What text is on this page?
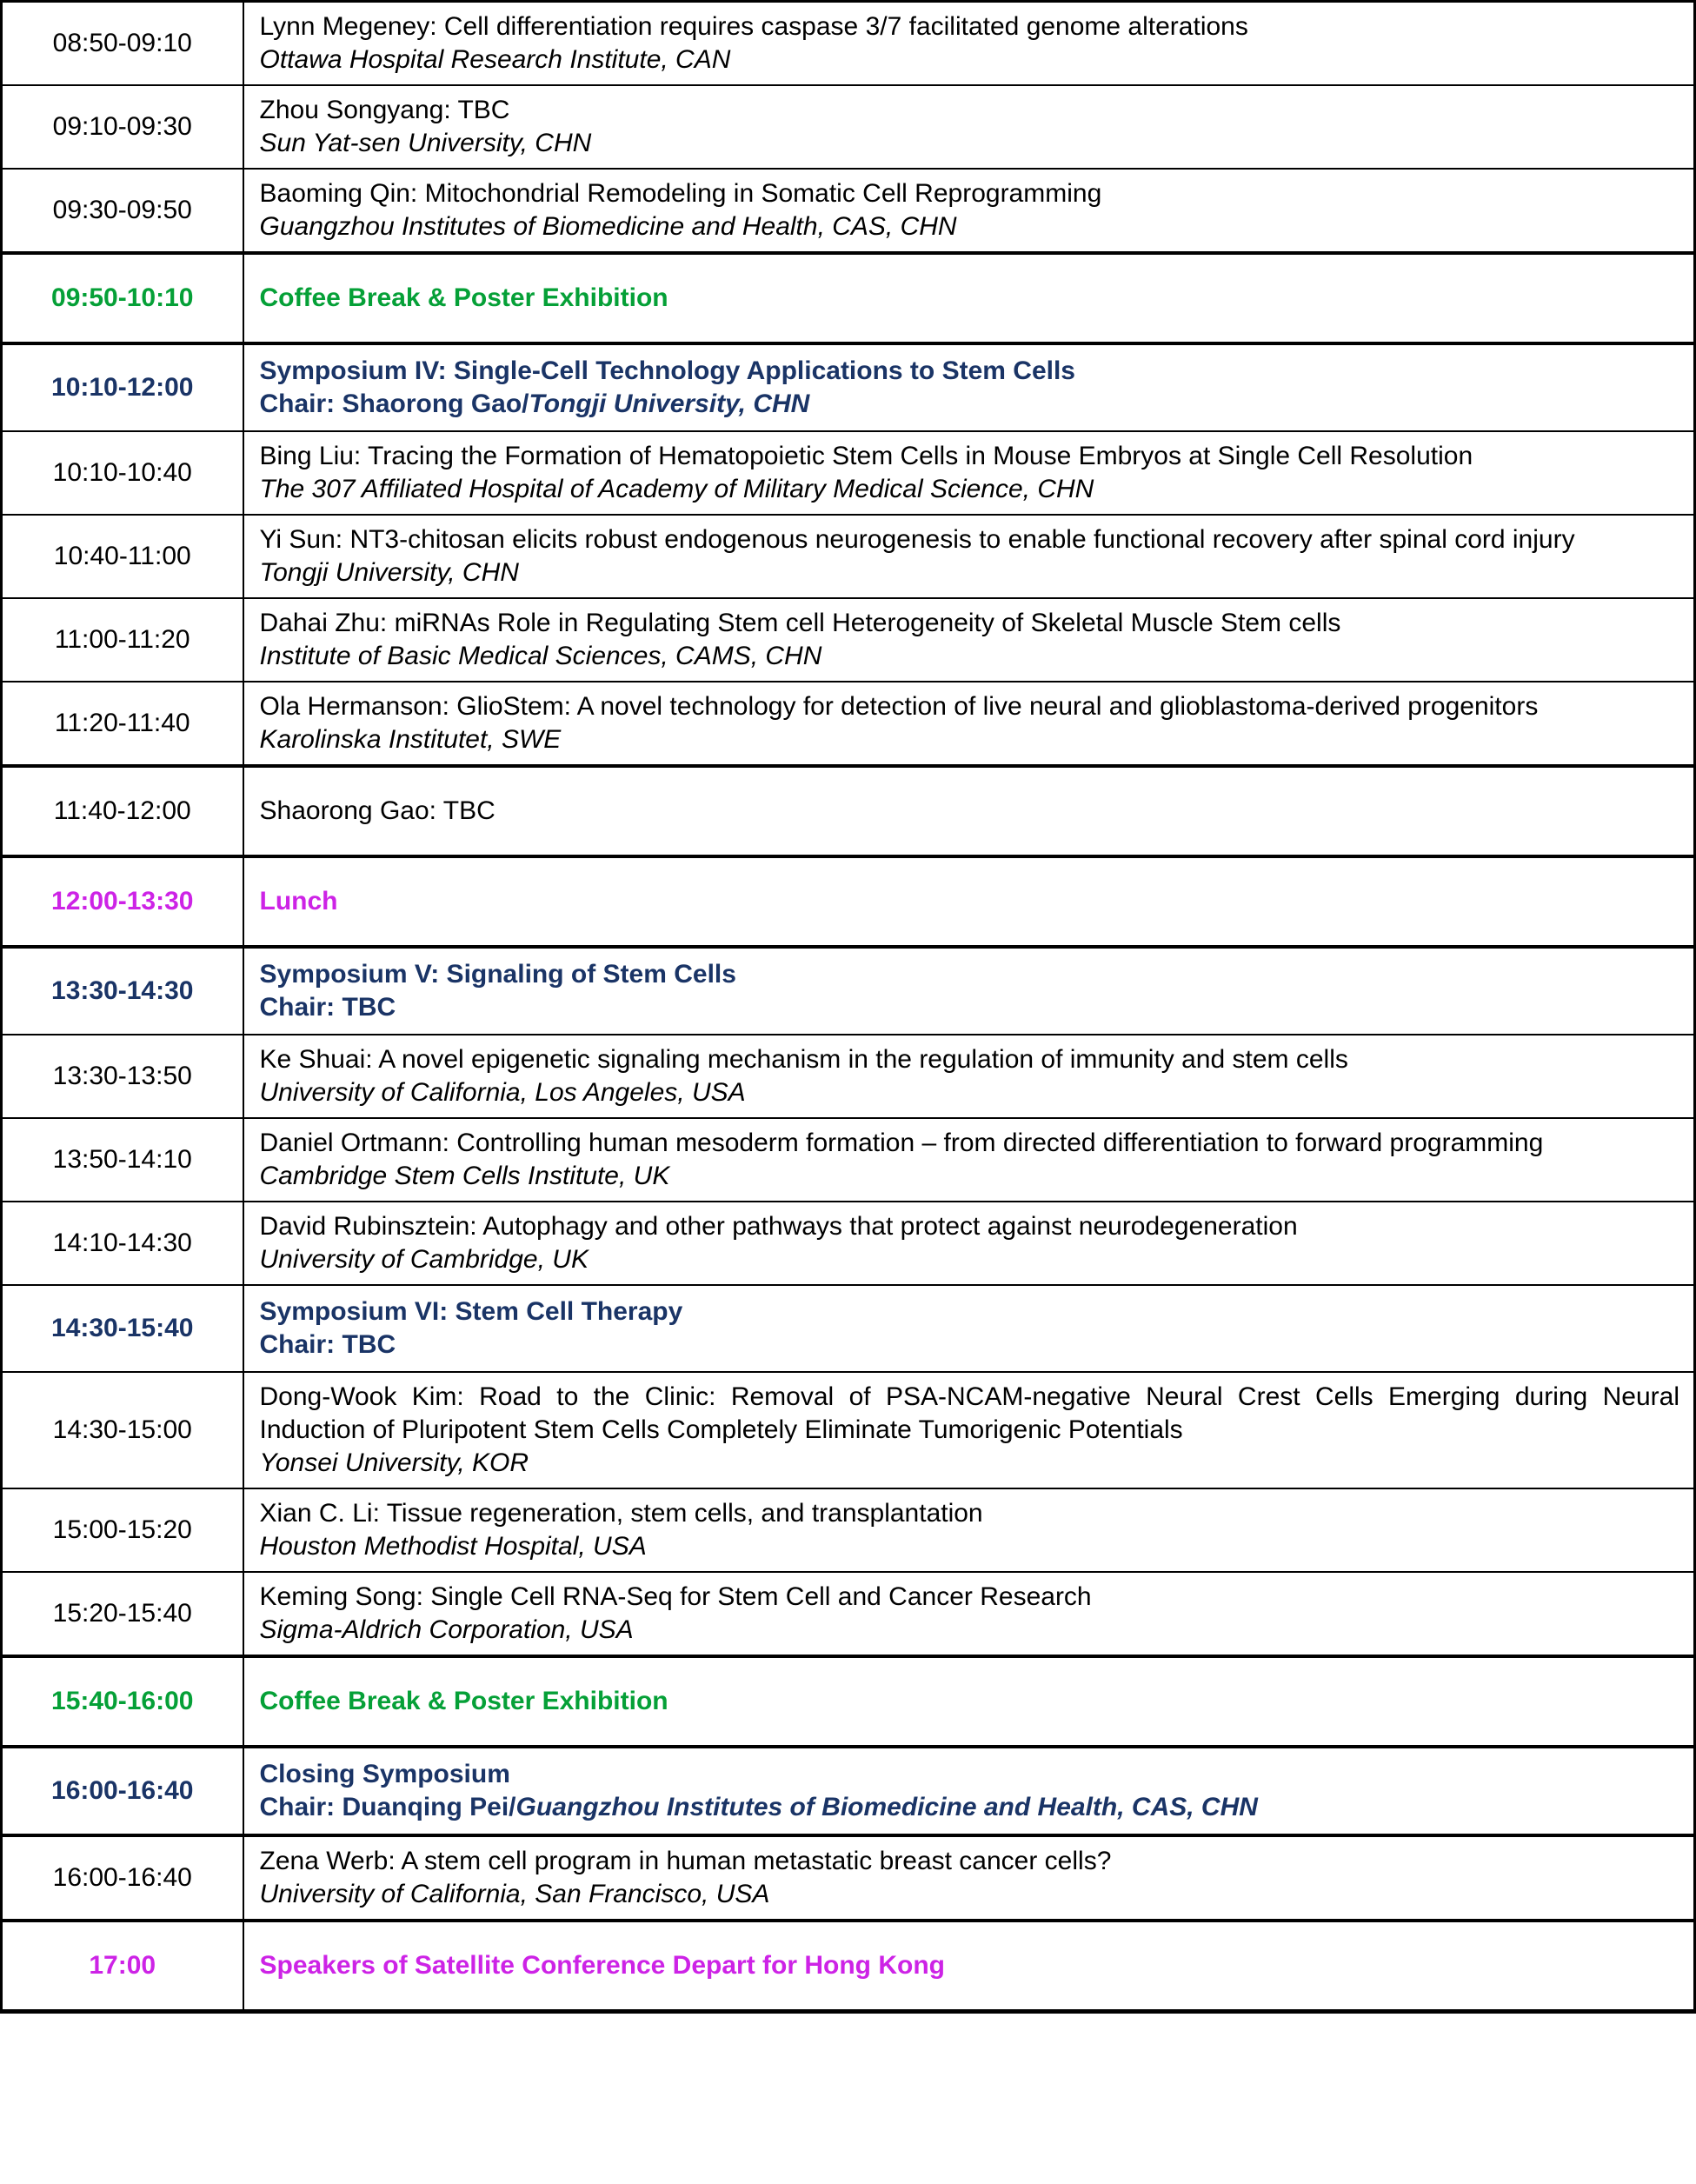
08:50-09:10	Lynn Megeney: Cell differentiation requires caspase 3/7 facilitated genome alterations
Ottawa Hospital Research Institute, CAN

09:10-09:30	Zhou Songyang: TBC
Sun Yat-sen University, CHN

09:30-09:50	Baoming Qin: Mitochondrial Remodeling in Somatic Cell Reprogramming
Guangzhou Institutes of Biomedicine and Health, CAS, CHN

09:50-10:10	Coffee Break & Poster Exhibition

10:10-12:00	Symposium IV: Single-Cell Technology Applications to Stem Cells
Chair: Shaorong Gao/Tongji University, CHN

10:10-10:40	Bing Liu: Tracing the Formation of Hematopoietic Stem Cells in Mouse Embryos at Single Cell Resolution
The 307 Affiliated Hospital of Academy of Military Medical Science, CHN

10:40-11:00	Yi Sun: NT3-chitosan elicits robust endogenous neurogenesis to enable functional recovery after spinal cord injury
Tongji University, CHN

11:00-11:20	Dahai Zhu: miRNAs Role in Regulating Stem cell Heterogeneity of Skeletal Muscle Stem cells
Institute of Basic Medical Sciences, CAMS, CHN

11:20-11:40	Ola Hermanson: GlioStem: A novel technology for detection of live neural and glioblastoma-derived progenitors
Karolinska Institutet, SWE

11:40-12:00	Shaorong Gao: TBC

12:00-13:30	Lunch

13:30-14:30	Symposium V: Signaling of Stem Cells
Chair: TBC

13:30-13:50	Ke Shuai: A novel epigenetic signaling mechanism in the regulation of immunity and stem cells
University of California, Los Angeles, USA

13:50-14:10	Daniel Ortmann: Controlling human mesoderm formation – from directed differentiation to forward programming
Cambridge Stem Cells Institute, UK

14:10-14:30	David Rubinsztein: Autophagy and other pathways that protect against neurodegeneration
University of Cambridge, UK

14:30-15:40	Symposium VI: Stem Cell Therapy
Chair: TBC

14:30-15:00	Dong-Wook Kim: Road to the Clinic: Removal of PSA-NCAM-negative Neural Crest Cells Emerging during Neural Induction of Pluripotent Stem Cells Completely Eliminate Tumorigenic Potentials
Yonsei University, KOR

15:00-15:20	Xian C. Li: Tissue regeneration, stem cells, and transplantation
Houston Methodist Hospital, USA

15:20-15:40	Keming Song: Single Cell RNA-Seq for Stem Cell and Cancer Research
Sigma-Aldrich Corporation, USA

15:40-16:00	Coffee Break & Poster Exhibition

16:00-16:40	Closing Symposium
Chair: Duanqing Pei/Guangzhou Institutes of Biomedicine and Health, CAS, CHN

16:00-16:40	Zena Werb: A stem cell program in human metastatic breast cancer cells?
University of California, San Francisco, USA

17:00	Speakers of Satellite Conference Depart for Hong Kong
